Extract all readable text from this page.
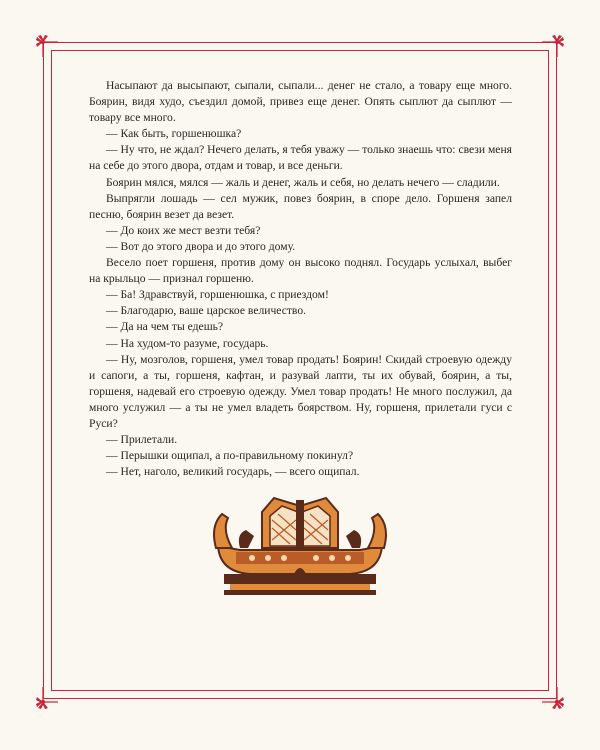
Насыпают да высыпают, сыпали, сыпали... денег не стало, а товару еще много. Боярин, видя худо, съездил домой, привез еще денег. Опять сыплют да сыплют — товару все много.

— Как быть, горшенюшка?

— Ну что, не ждал? Нечего делать, я тебя уважу — только знаешь что: свези меня на себе до этого двора, отдам и товар, и все деньги.

Боярин мялся, мялся — жаль и денег, жаль и себя, но делать нечего — сладили.

Выпрягли лошадь — сел мужик, повез боярин, в споре дело. Горшеня запел песню, боярин везет да везет.

— До коих же мест везти тебя?

— Вот до этого двора и до этого дому.

Весело поет горшеня, против дому он высоко поднял. Государь услыхал, выбег на крыльцо — признал горшеню.

— Ба! Здравствуй, горшенюшка, с приездом!

— Благодарю, ваше царское величество.

— Да на чем ты едешь?

— На худом-то разуме, государь.

— Ну, мозголов, горшеня, умел товар продать! Боярин! Скидай строевую одежду и сапоги, а ты, горшеня, кафтан, и разувай лапти, ты их обувай, боярин, а ты, горшеня, надевай его строевую одежду. Умел товар продать! Не много послужил, да много услужил — а ты не умел владеть боярством. Ну, горшеня, прилетали гуси с Руси?

— Прилетали.

— Перышки ощипал, а по-правильному покинул?

— Нет, наголо, великий государь, — всего ощипал.
